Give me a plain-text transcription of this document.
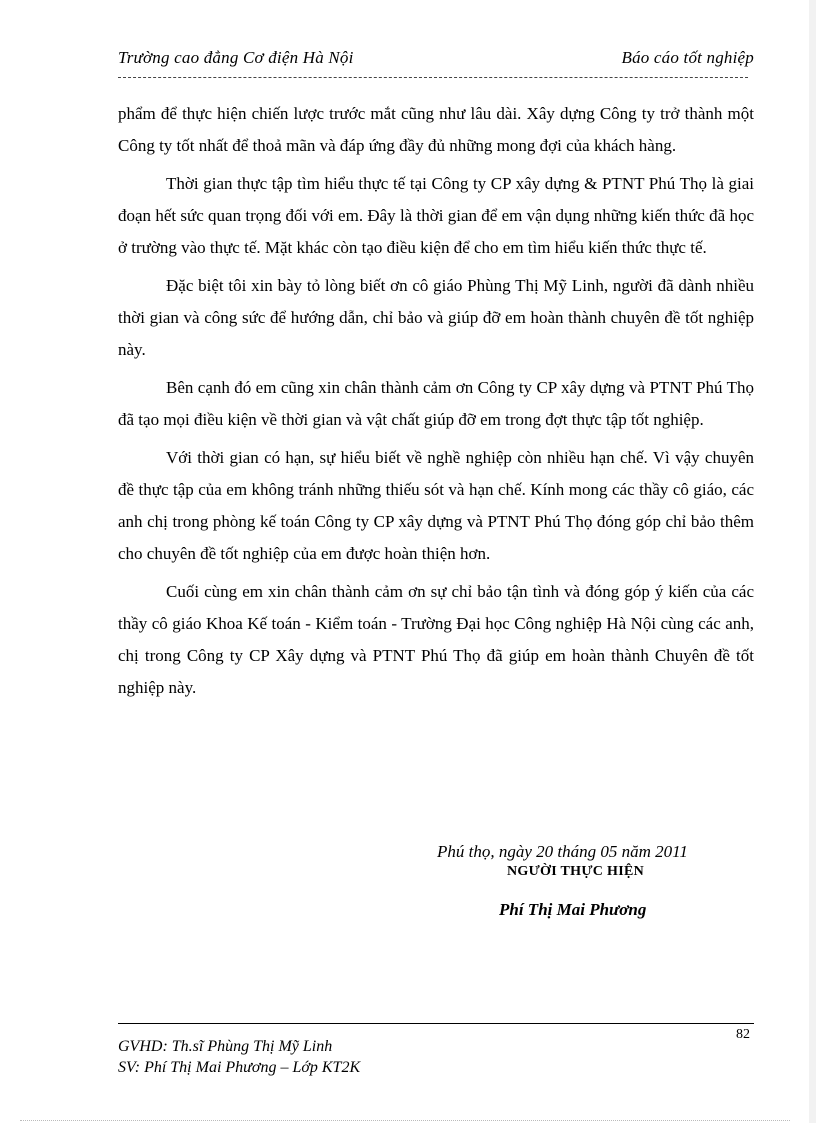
Trường cao đẳng Cơ điện Hà Nội	Báo cáo tốt nghiệp

phẩm để thực hiện chiến lược trước mắt cũng như lâu dài. Xây dựng Công ty trở thành một Công ty tốt nhất để thoả mãn và đáp ứng đầy đủ những mong đợi của khách hàng.

Thời gian thực tập tìm hiểu thực tế tại Công ty CP xây dựng & PTNT Phú Thọ là giai đoạn hết sức quan trọng đối với em. Đây là thời gian để em vận dụng những kiến thức đã học ở trường vào thực tế. Mặt khác còn tạo điều kiện để cho em tìm hiểu kiến thức thực tế.

Đặc biệt tôi xin bày tỏ lòng biết ơn cô giáo Phùng Thị Mỹ Linh, người đã dành nhiều thời gian và công sức để hướng dẫn, chỉ bảo và giúp đỡ em hoàn thành chuyên đề tốt nghiệp này.

Bên cạnh đó em cũng xin chân thành cảm ơn Công ty CP xây dựng và PTNT Phú Thọ đã tạo mọi điều kiện về thời gian và vật chất giúp đỡ em trong đợt thực tập tốt nghiệp.

Với thời gian có hạn, sự hiểu biết về nghề nghiệp còn nhiều hạn chế. Vì vậy chuyên đề thực tập của em không tránh những thiếu sót và hạn chế. Kính mong các thầy cô giáo, các anh chị trong phòng kế toán Công ty CP xây dựng và PTNT Phú Thọ đóng góp chỉ bảo thêm cho chuyên đề tốt nghiệp của em được hoàn thiện hơn.

Cuối cùng em xin chân thành cảm ơn sự chỉ bảo tận tình và đóng góp ý kiến của các thầy cô giáo Khoa Kế toán - Kiểm toán - Trường Đại học Công nghiệp Hà Nội cùng các anh, chị trong Công ty CP Xây dựng và PTNT Phú Thọ đã giúp em hoàn thành Chuyên đề tốt nghiệp này.

Phú thọ, ngày 20 tháng 05 năm 2011
NGƯỜI THỰC HIỆN
Phí Thị Mai Phương
82
GVHD: Th.sĩ Phùng Thị Mỹ Linh
SV: Phí Thị Mai Phương – Lớp KT2K
